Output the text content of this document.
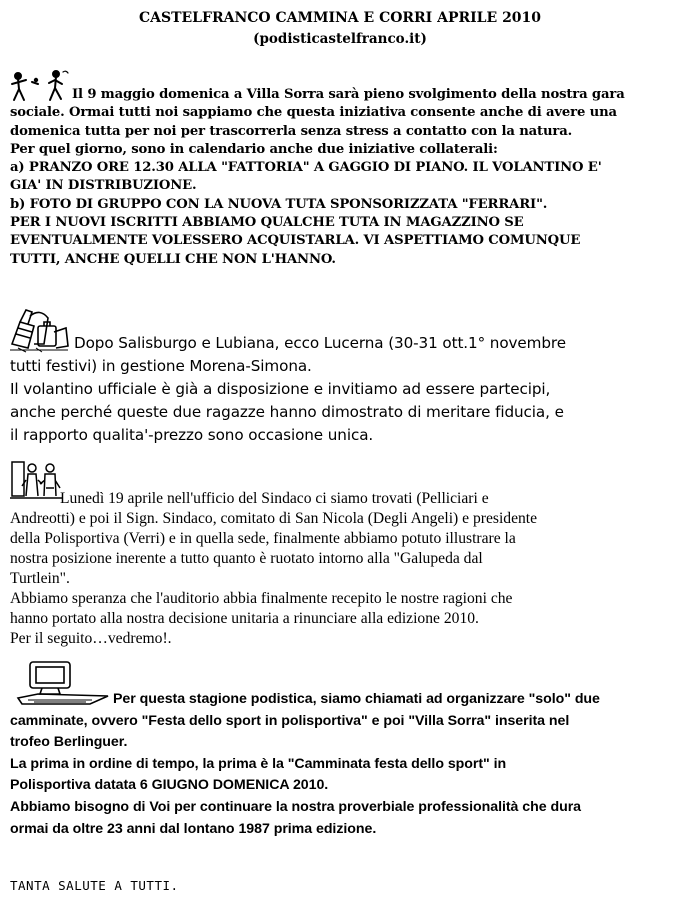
CASTELFRANCO CAMMINA E CORRI APRILE 2010
(podisticastelfranco.it)
Il 9 maggio domenica a Villa Sorra sarà pieno svolgimento della nostra gara
sociale. Ormai tutti noi sappiamo che questa iniziativa consente anche di avere una
domenica tutta per noi per trascorrerla senza stress a contatto con la natura.
Per quel giorno, sono in calendario anche due iniziative collaterali:
a) PRANZO ORE 12.30 ALLA "FATTORIA" A GAGGIO DI PIANO. IL VOLANTINO E'
GIA' IN DISTRIBUZIONE.
b) FOTO DI GRUPPO CON LA NUOVA TUTA SPONSORIZZATA "FERRARI".
PER I NUOVI ISCRITTI ABBIAMO QUALCHE TUTA IN MAGAZZINO SE
EVENTUALMENTE VOLESSERO ACQUISTARLA. VI ASPETTIAMO COMUNQUE
TUTTI, ANCHE QUELLI CHE NON L'HANNO.
Dopo Salisburgo e Lubiana, ecco Lucerna (30-31 ott.1° novembre
tutti festivi) in gestione Morena-Simona.
Il volantino ufficiale è già a disposizione e invitiamo ad essere partecipi,
anche perché queste due ragazze hanno dimostrato di meritare fiducia, e
il rapporto qualita'-prezzo sono occasione unica.
Lunedì 19 aprile nell'ufficio del Sindaco ci siamo trovati (Pelliciari e
Andreotti) e poi il Sign. Sindaco, comitato di San Nicola (Degli Angeli) e presidente
della Polisportiva (Verri) e in quella sede, finalmente abbiamo potuto illustrare la
nostra posizione inerente a tutto quanto è ruotato intorno alla "Galupeda dal
Turtlein".
Abbiamo speranza che l'auditorio abbia finalmente recepito le nostre ragioni che
hanno portato alla nostra decisione unitaria a rinunciare alla edizione 2010.
Per il seguito…vedremo!.
Per questa stagione podistica, siamo chiamati ad organizzare "solo" due
camminate, ovvero "Festa dello sport in polisportiva" e poi "Villa Sorra" inserita nel
trofeo Berlinguer.
La prima in ordine di tempo, la prima è la "Camminata festa dello sport" in
Polisportiva datata 6 GIUGNO DOMENICA 2010.
Abbiamo bisogno di Voi per continuare la nostra proverbiale professionalità che dura
ormai da oltre 23 anni dal lontano 1987 prima edizione.
TANTA SALUTE A TUTTI.
